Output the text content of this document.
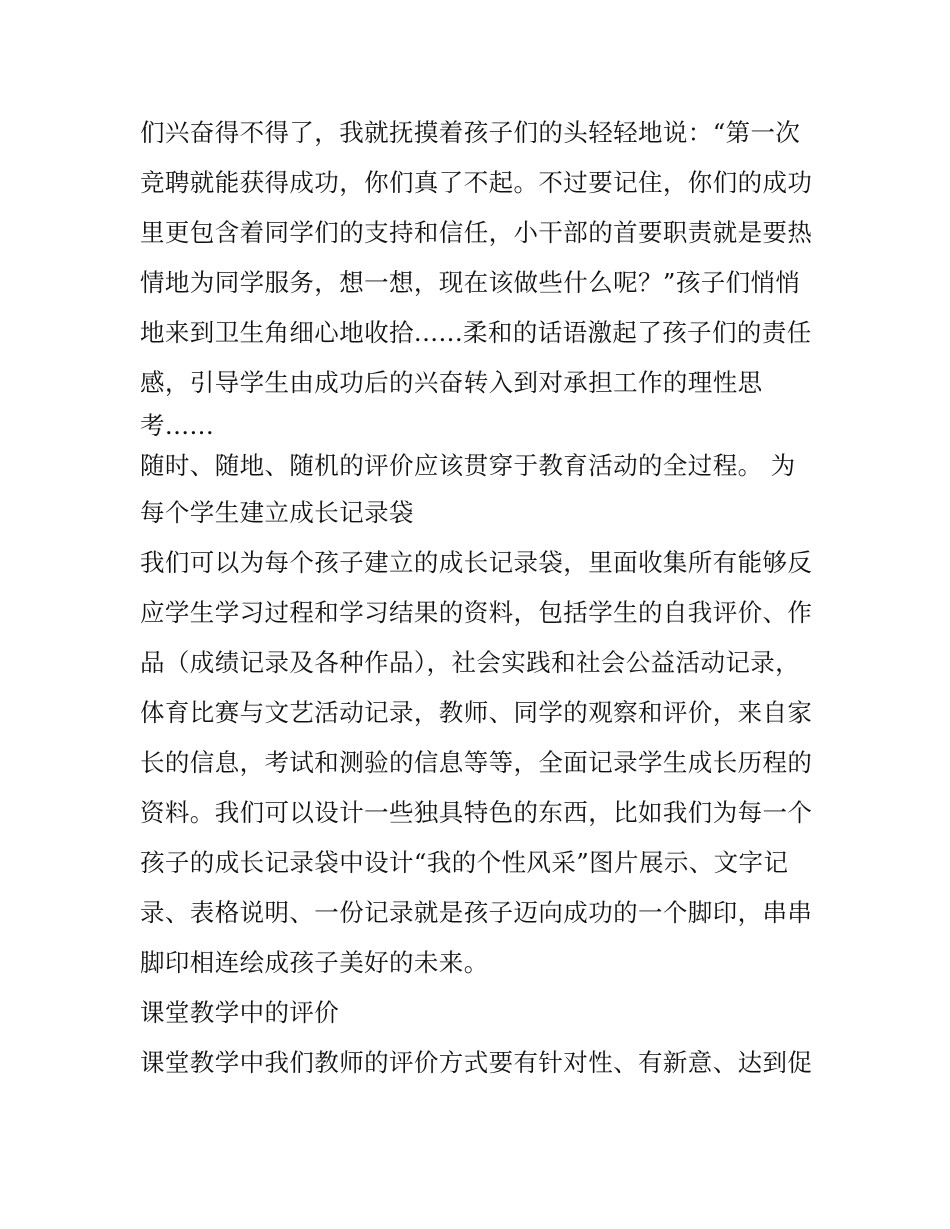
们兴奋得不得了，我就抚摸着孩子们的头轻轻地说：“第一次
竞聘就能获得成功，你们真了不起。不过要记住，你们的成功
里更包含着同学们的支持和信任，小干部的首要职责就是要热
情地为同学服务，想一想，现在该做些什么呢？”孩子们悄悄
地来到卫生角细心地收拾......柔和的话语激起了孩子们的责任
感，引导学生由成功后的兴奋转入到对承担工作的理性思
考......
随时、随地、随机的评价应该贯穿于教育活动的全过程。 为
每个学生建立成长记录袋
我们可以为每个孩子建立的成长记录袋，里面收集所有能够反
应学生学习过程和学习结果的资料，包括学生的自我评价、作
品（成绩记录及各种作品），社会实践和社会公益活动记录，
体育比赛与文艺活动记录，教师、同学的观察和评价，来自家
长的信息，考试和测验的信息等等，全面记录学生成长历程的
资料。我们可以设计一些独具特色的东西，比如我们为每一个
孩子的成长记录袋中设计“我的个性风采”图片展示、文字记
录、表格说明、一份记录就是孩子迈向成功的一个脚印，串串
脚印相连绘成孩子美好的未来。
课堂教学中的评价
课堂教学中我们教师的评价方式要有针对性、有新意、达到促
